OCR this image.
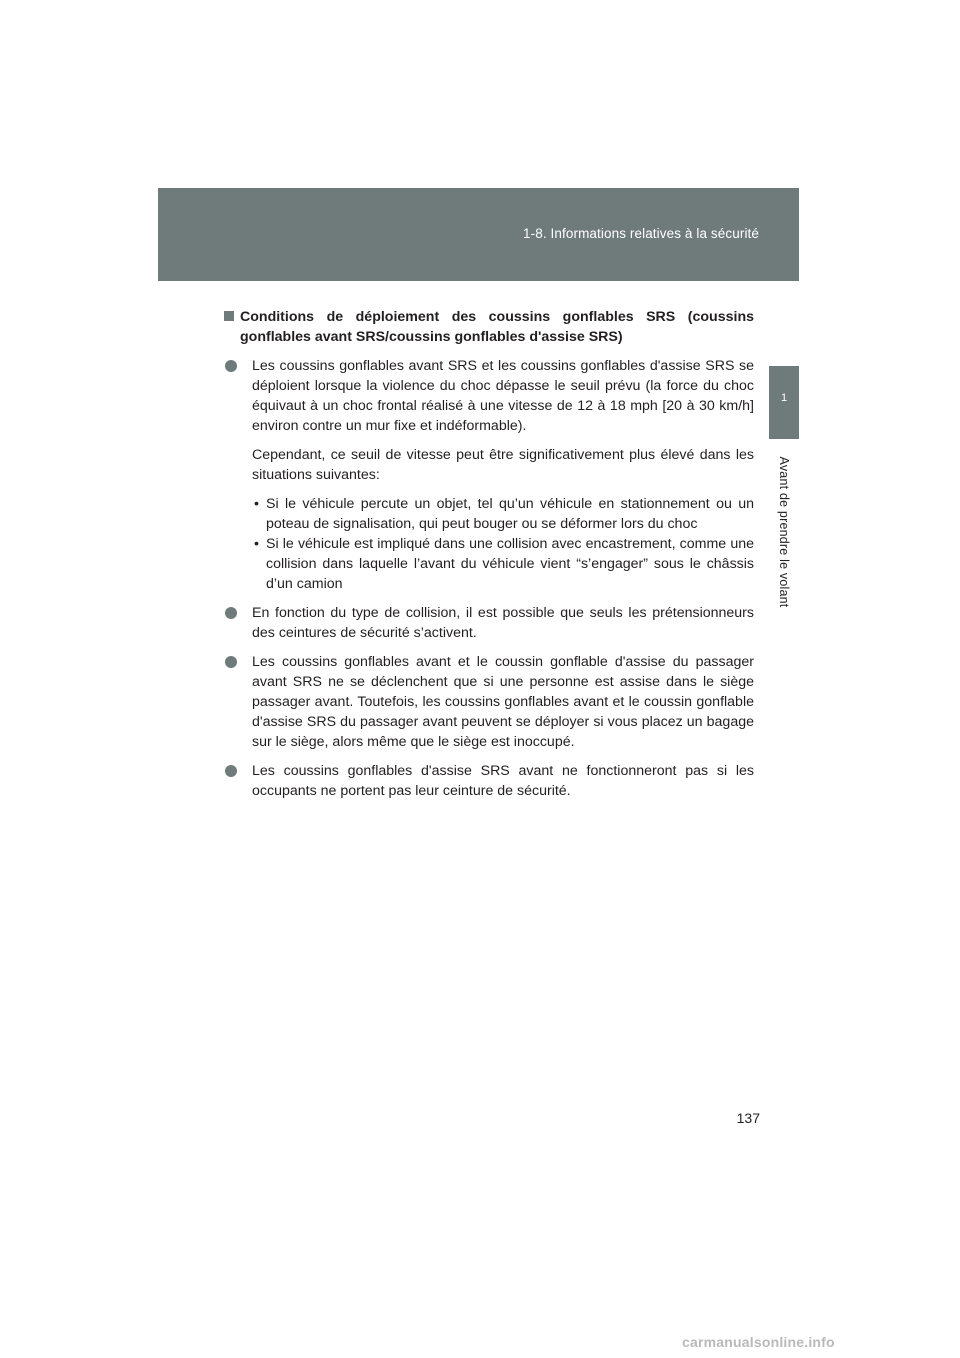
1-8. Informations relatives à la sécurité
1
Avant de prendre le volant
Conditions de déploiement des coussins gonflables SRS (coussins gonflables avant SRS/coussins gonflables d'assise SRS)
Les coussins gonflables avant SRS et les coussins gonflables d'assise SRS se déploient lorsque la violence du choc dépasse le seuil prévu (la force du choc équivaut à un choc frontal réalisé à une vitesse de 12 à 18 mph [20 à 30 km/h] environ contre un mur fixe et indéformable).
Cependant, ce seuil de vitesse peut être significativement plus élevé dans les situations suivantes:
• Si le véhicule percute un objet, tel qu’un véhicule en stationnement ou un poteau de signalisation, qui peut bouger ou se déformer lors du choc
• Si le véhicule est impliqué dans une collision avec encastrement, comme une collision dans laquelle l’avant du véhicule vient “s’engager” sous le châssis d’un camion
En fonction du type de collision, il est possible que seuls les prétensionneurs des ceintures de sécurité s’activent.
Les coussins gonflables avant et le coussin gonflable d'assise du passager avant SRS ne se déclenchent que si une personne est assise dans le siège passager avant. Toutefois, les coussins gonflables avant et le coussin gonflable d'assise SRS du passager avant peuvent se déployer si vous placez un bagage sur le siège, alors même que le siège est inoccupé.
Les coussins gonflables d'assise SRS avant ne fonctionneront pas si les occupants ne portent pas leur ceinture de sécurité.
137
carmanualsonline.info
